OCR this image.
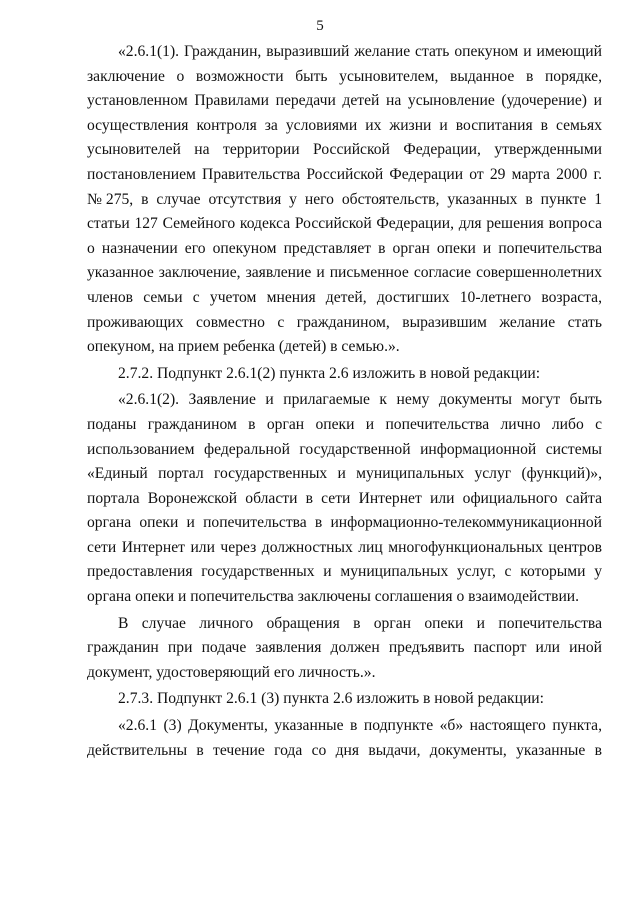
5

«2.6.1(1). Гражданин, выразивший желание стать опекуном и имеющий заключение о возможности быть усыновителем, выданное в порядке, установленном Правилами передачи детей на усыновление (удочерение) и осуществления контроля за условиями их жизни и воспитания в семьях усыновителей на территории Российской Федерации, утвержденными постановлением Правительства Российской Федерации от 29 марта 2000 г. №275, в случае отсутствия у него обстоятельств, указанных в пункте 1 статьи 127 Семейного кодекса Российской Федерации, для решения вопроса о назначении его опекуном представляет в орган опеки и попечительства указанное заключение, заявление и письменное согласие совершеннолетних членов семьи с учетом мнения детей, достигших 10-летнего возраста, проживающих совместно с гражданином, выразившим желание стать опекуном, на прием ребенка (детей) в семью.».

2.7.2. Подпункт 2.6.1(2) пункта 2.6 изложить в новой редакции:

«2.6.1(2). Заявление и прилагаемые к нему документы могут быть поданы гражданином в орган опеки и попечительства лично либо с использованием федеральной государственной информационной системы «Единый портал государственных и муниципальных услуг (функций)», портала Воронежской области в сети Интернет или официального сайта органа опеки и попечительства в информационно-телекоммуникационной сети Интернет или через должностных лиц многофункциональных центров предоставления государственных и муниципальных услуг, с которыми у органа опеки и попечительства заключены соглашения о взаимодействии.

В случае личного обращения в орган опеки и попечительства гражданин при подаче заявления должен предъявить паспорт или иной документ, удостоверяющий его личность.».

2.7.3. Подпункт 2.6.1 (3) пункта 2.6 изложить в новой редакции:

«2.6.1 (3) Документы, указанные в подпункте «б» настоящего пункта, действительны в течение года со дня выдачи, документы, указанные в
